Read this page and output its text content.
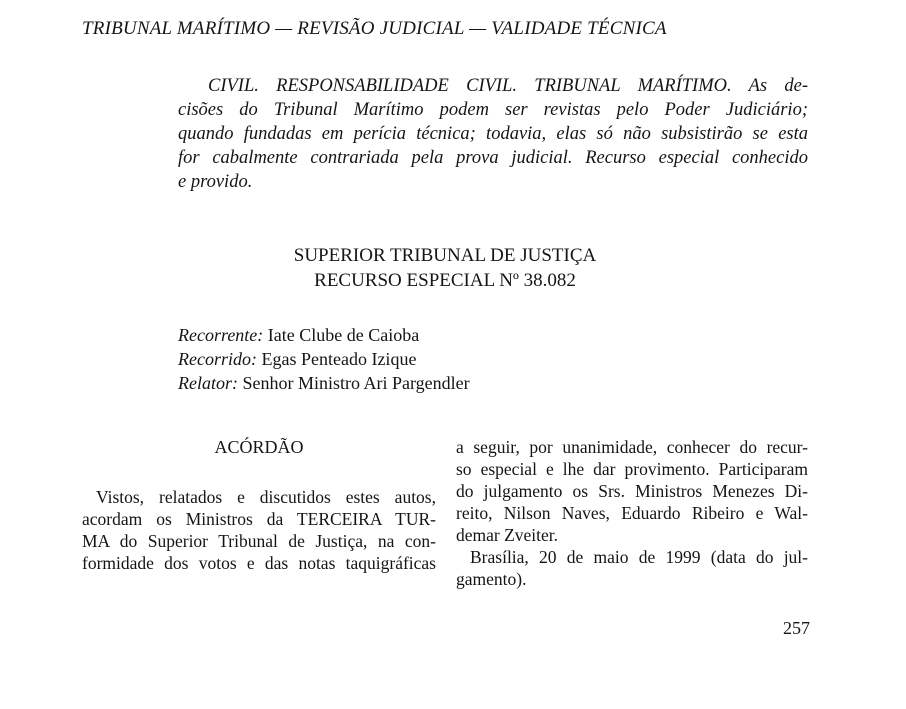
TRIBUNAL MARÍTIMO — REVISÃO JUDICIAL — VALIDADE TÉCNICA
CIVIL. RESPONSABILIDADE CIVIL. TRIBUNAL MARÍTIMO. As de-
cisões do Tribunal Marítimo podem ser revistas pelo Poder Judiciário;
quando fundadas em perícia técnica; todavia, elas só não subsistirão se esta
for cabalmente contrariada pela prova judicial. Recurso especial conhecido
e provido.
SUPERIOR TRIBUNAL DE JUSTIÇA
RECURSO ESPECIAL Nº 38.082
Recorrente: Iate Clube de Caioba
Recorrido: Egas Penteado Izique
Relator: Senhor Ministro Ari Pargendler
ACÓRDÃO
Vistos, relatados e discutidos estes autos,
acordam os Ministros da TERCEIRA TUR-
MA do Superior Tribunal de Justiça, na con-
formidade dos votos e das notas taquigráficas
a seguir, por unanimidade, conhecer do recur-
so especial e lhe dar provimento. Participaram
do julgamento os Srs. Ministros Menezes Di-
reito, Nilson Naves, Eduardo Ribeiro e Wal-
demar Zveiter.
Brasília, 20 de maio de 1999 (data do jul-
gamento).
257
